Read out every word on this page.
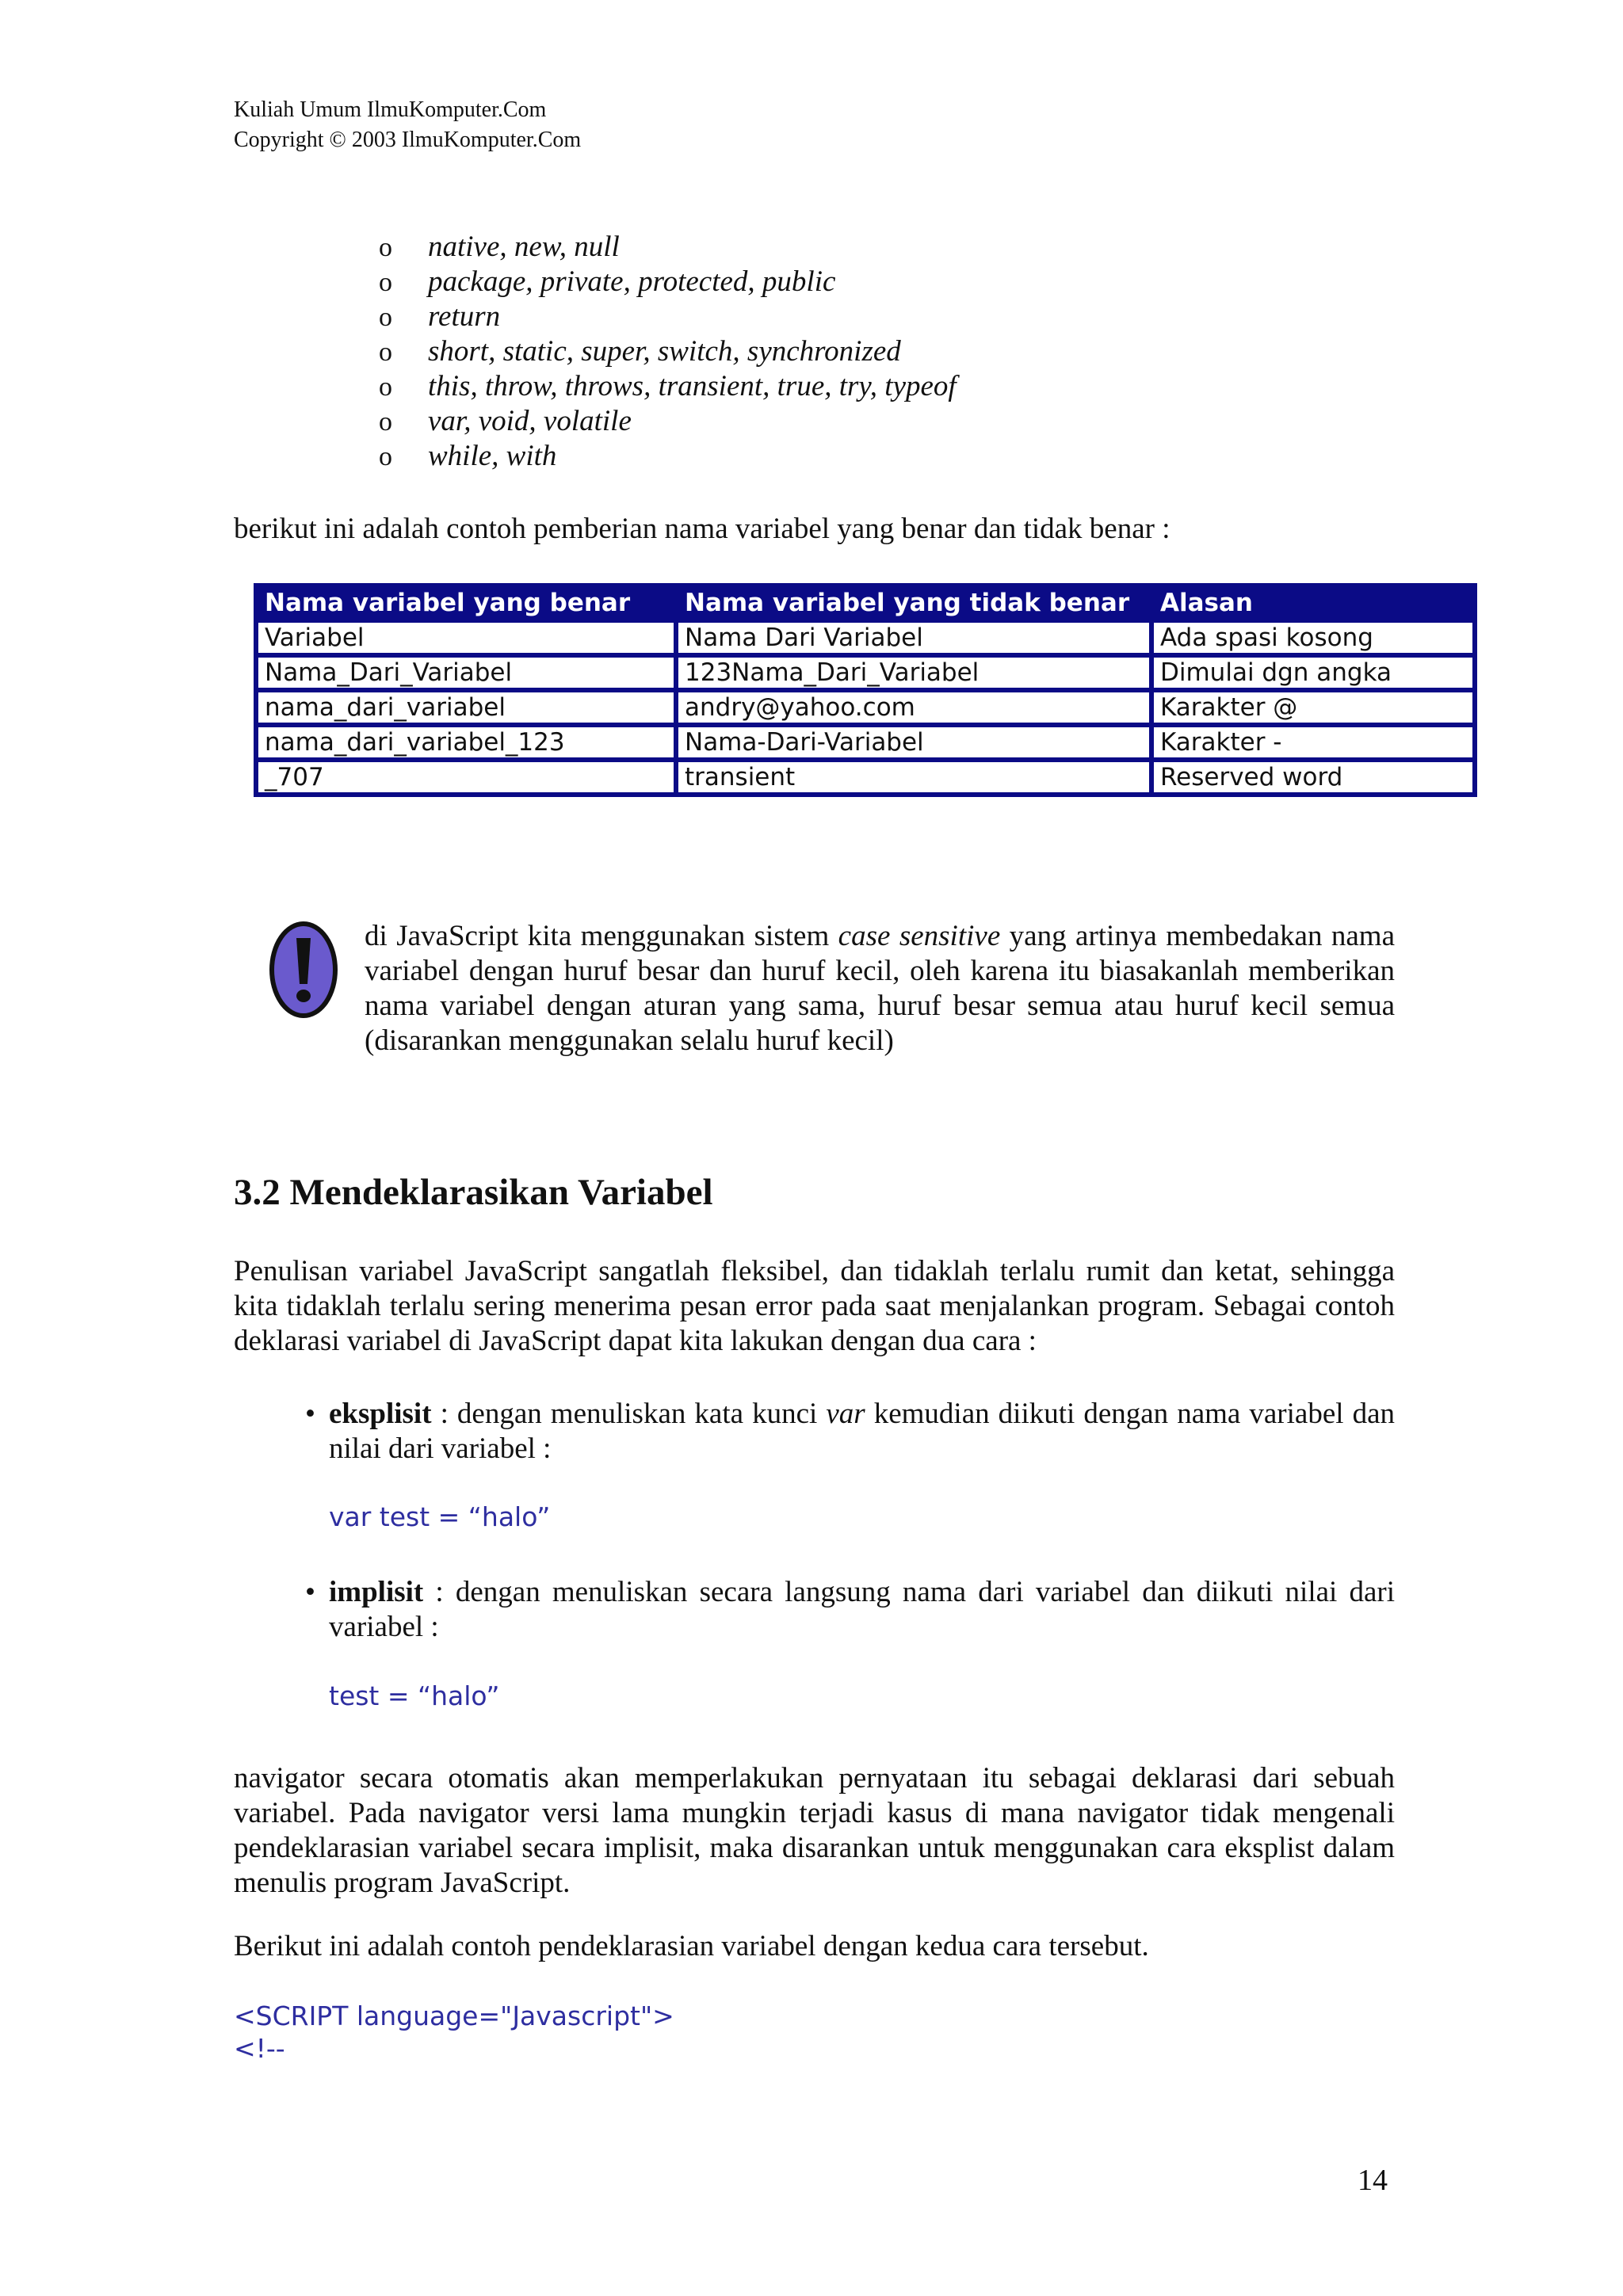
Kuliah Umum IlmuKomputer.Com
Copyright © 2003 IlmuKomputer.Com
o native, new, null
o package, private, protected, public
o return
o short, static, super, switch, synchronized
o this, throw, throws, transient, true, try, typeof
o var, void, volatile
o while, with
berikut ini adalah contoh pemberian nama variabel yang benar dan tidak benar :
Nama variabel yang benar	Nama variabel yang tidak benar	Alasan
Variabel	Nama Dari Variabel	Ada spasi kosong
Nama_Dari_Variabel	123Nama_Dari_Variabel	Dimulai dgn angka
nama_dari_variabel	andry@yahoo.com	Karakter @
nama_dari_variabel_123	Nama-Dari-Variabel	Karakter -
_707	transient	Reserved word
di JavaScript kita menggunakan sistem case sensitive yang artinya membedakan nama variabel dengan huruf besar dan huruf kecil, oleh karena itu biasakanlah memberikan nama variabel dengan aturan yang sama, huruf besar semua atau huruf kecil semua (disarankan menggunakan selalu huruf kecil)
3.2 Mendeklarasikan Variabel
Penulisan variabel JavaScript sangatlah fleksibel, dan tidaklah terlalu rumit dan ketat, sehingga kita tidaklah terlalu sering menerima pesan error pada saat menjalankan program. Sebagai contoh deklarasi variabel di JavaScript dapat kita lakukan dengan dua cara :
• eksplisit : dengan menuliskan kata kunci var kemudian diikuti dengan nama variabel dan nilai dari variabel :
var test = “halo”
• implisit : dengan menuliskan secara langsung nama dari variabel dan diikuti nilai dari variabel :
test = “halo”
navigator secara otomatis akan memperlakukan pernyataan itu sebagai deklarasi dari sebuah variabel. Pada navigator versi lama mungkin terjadi kasus di mana navigator tidak mengenali pendeklarasian variabel secara implisit, maka disarankan untuk menggunakan cara eksplist dalam menulis program JavaScript.
Berikut ini adalah contoh pendeklarasian variabel dengan kedua cara tersebut.
<SCRIPT language="Javascript">
<!--
14
